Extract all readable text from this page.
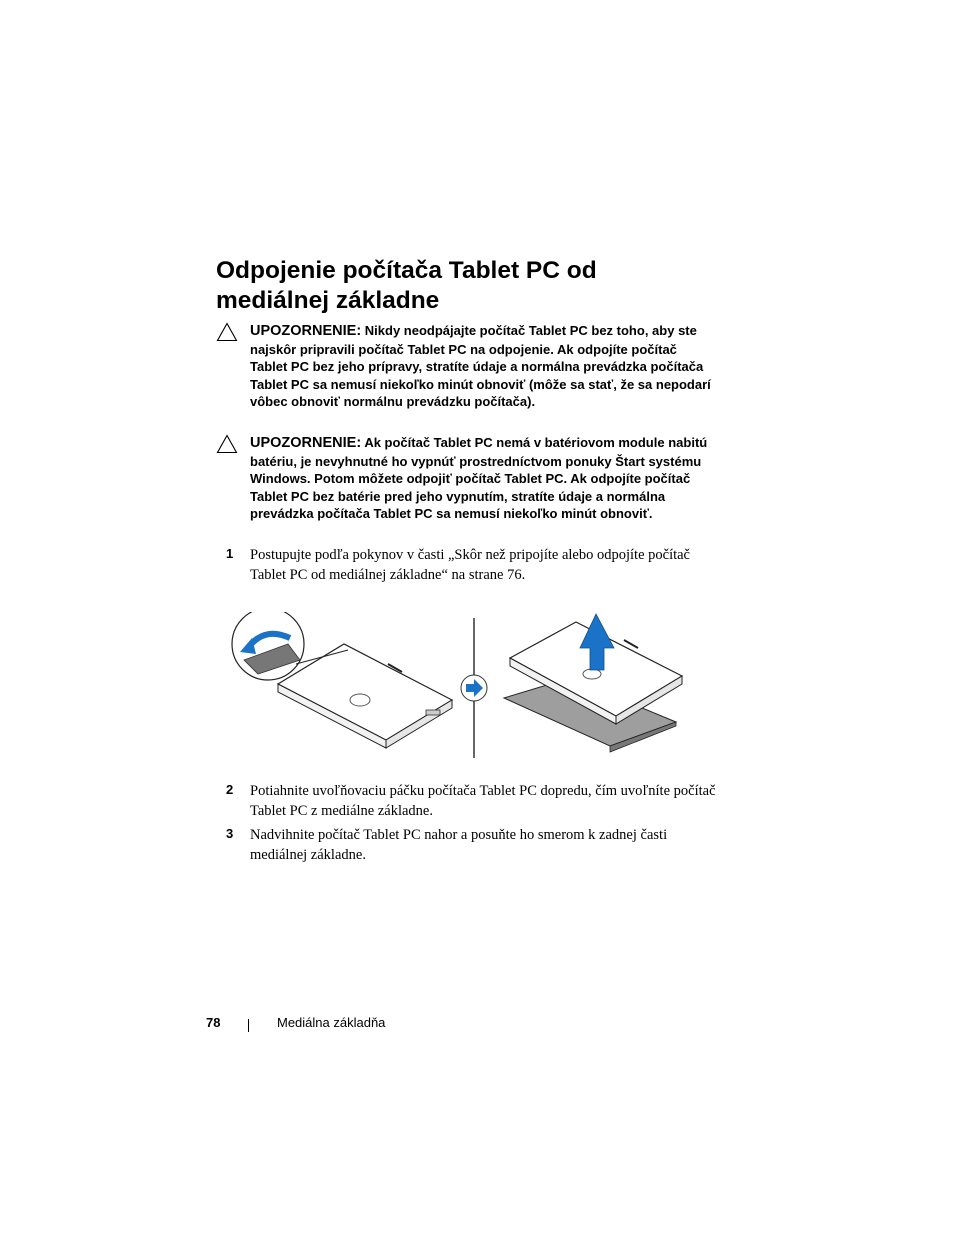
Odpojenie počítača Tablet PC od
mediálnej základne
UPOZORNENIE: Nikdy neodpájajte počítač Tablet PC bez toho, aby ste najskôr pripravili počítač Tablet PC na odpojenie. Ak odpojíte počítač Tablet PC bez jeho prípravy, stratíte údaje a normálna prevádzka počítača Tablet PC sa nemusí niekoľko minút obnoviť (môže sa stať, že sa nepodarí vôbec obnoviť normálnu prevádzku počítača).
UPOZORNENIE: Ak počítač Tablet PC nemá v batériovom module nabitú batériu, je nevyhnutné ho vypnúť prostredníctvom ponuky Štart systému Windows. Potom môžete odpojiť počítač Tablet PC. Ak odpojíte počítač Tablet PC bez batérie pred jeho vypnutím, stratíte údaje a normálna prevádzka počítača Tablet PC sa nemusí niekoľko minút obnoviť.
1 Postupujte podľa pokynov v časti „Skôr než pripojíte alebo odpojíte počítač Tablet PC od mediálnej základne“ na strane 76.
2 Potiahnite uvoľňovaciu páčku počítača Tablet PC dopredu, čím uvoľníte počítač Tablet PC z mediálne základne.
3 Nadvihnite počítač Tablet PC nahor a posuňte ho smerom k zadnej časti mediálnej základne.
78	Mediálna základňa
